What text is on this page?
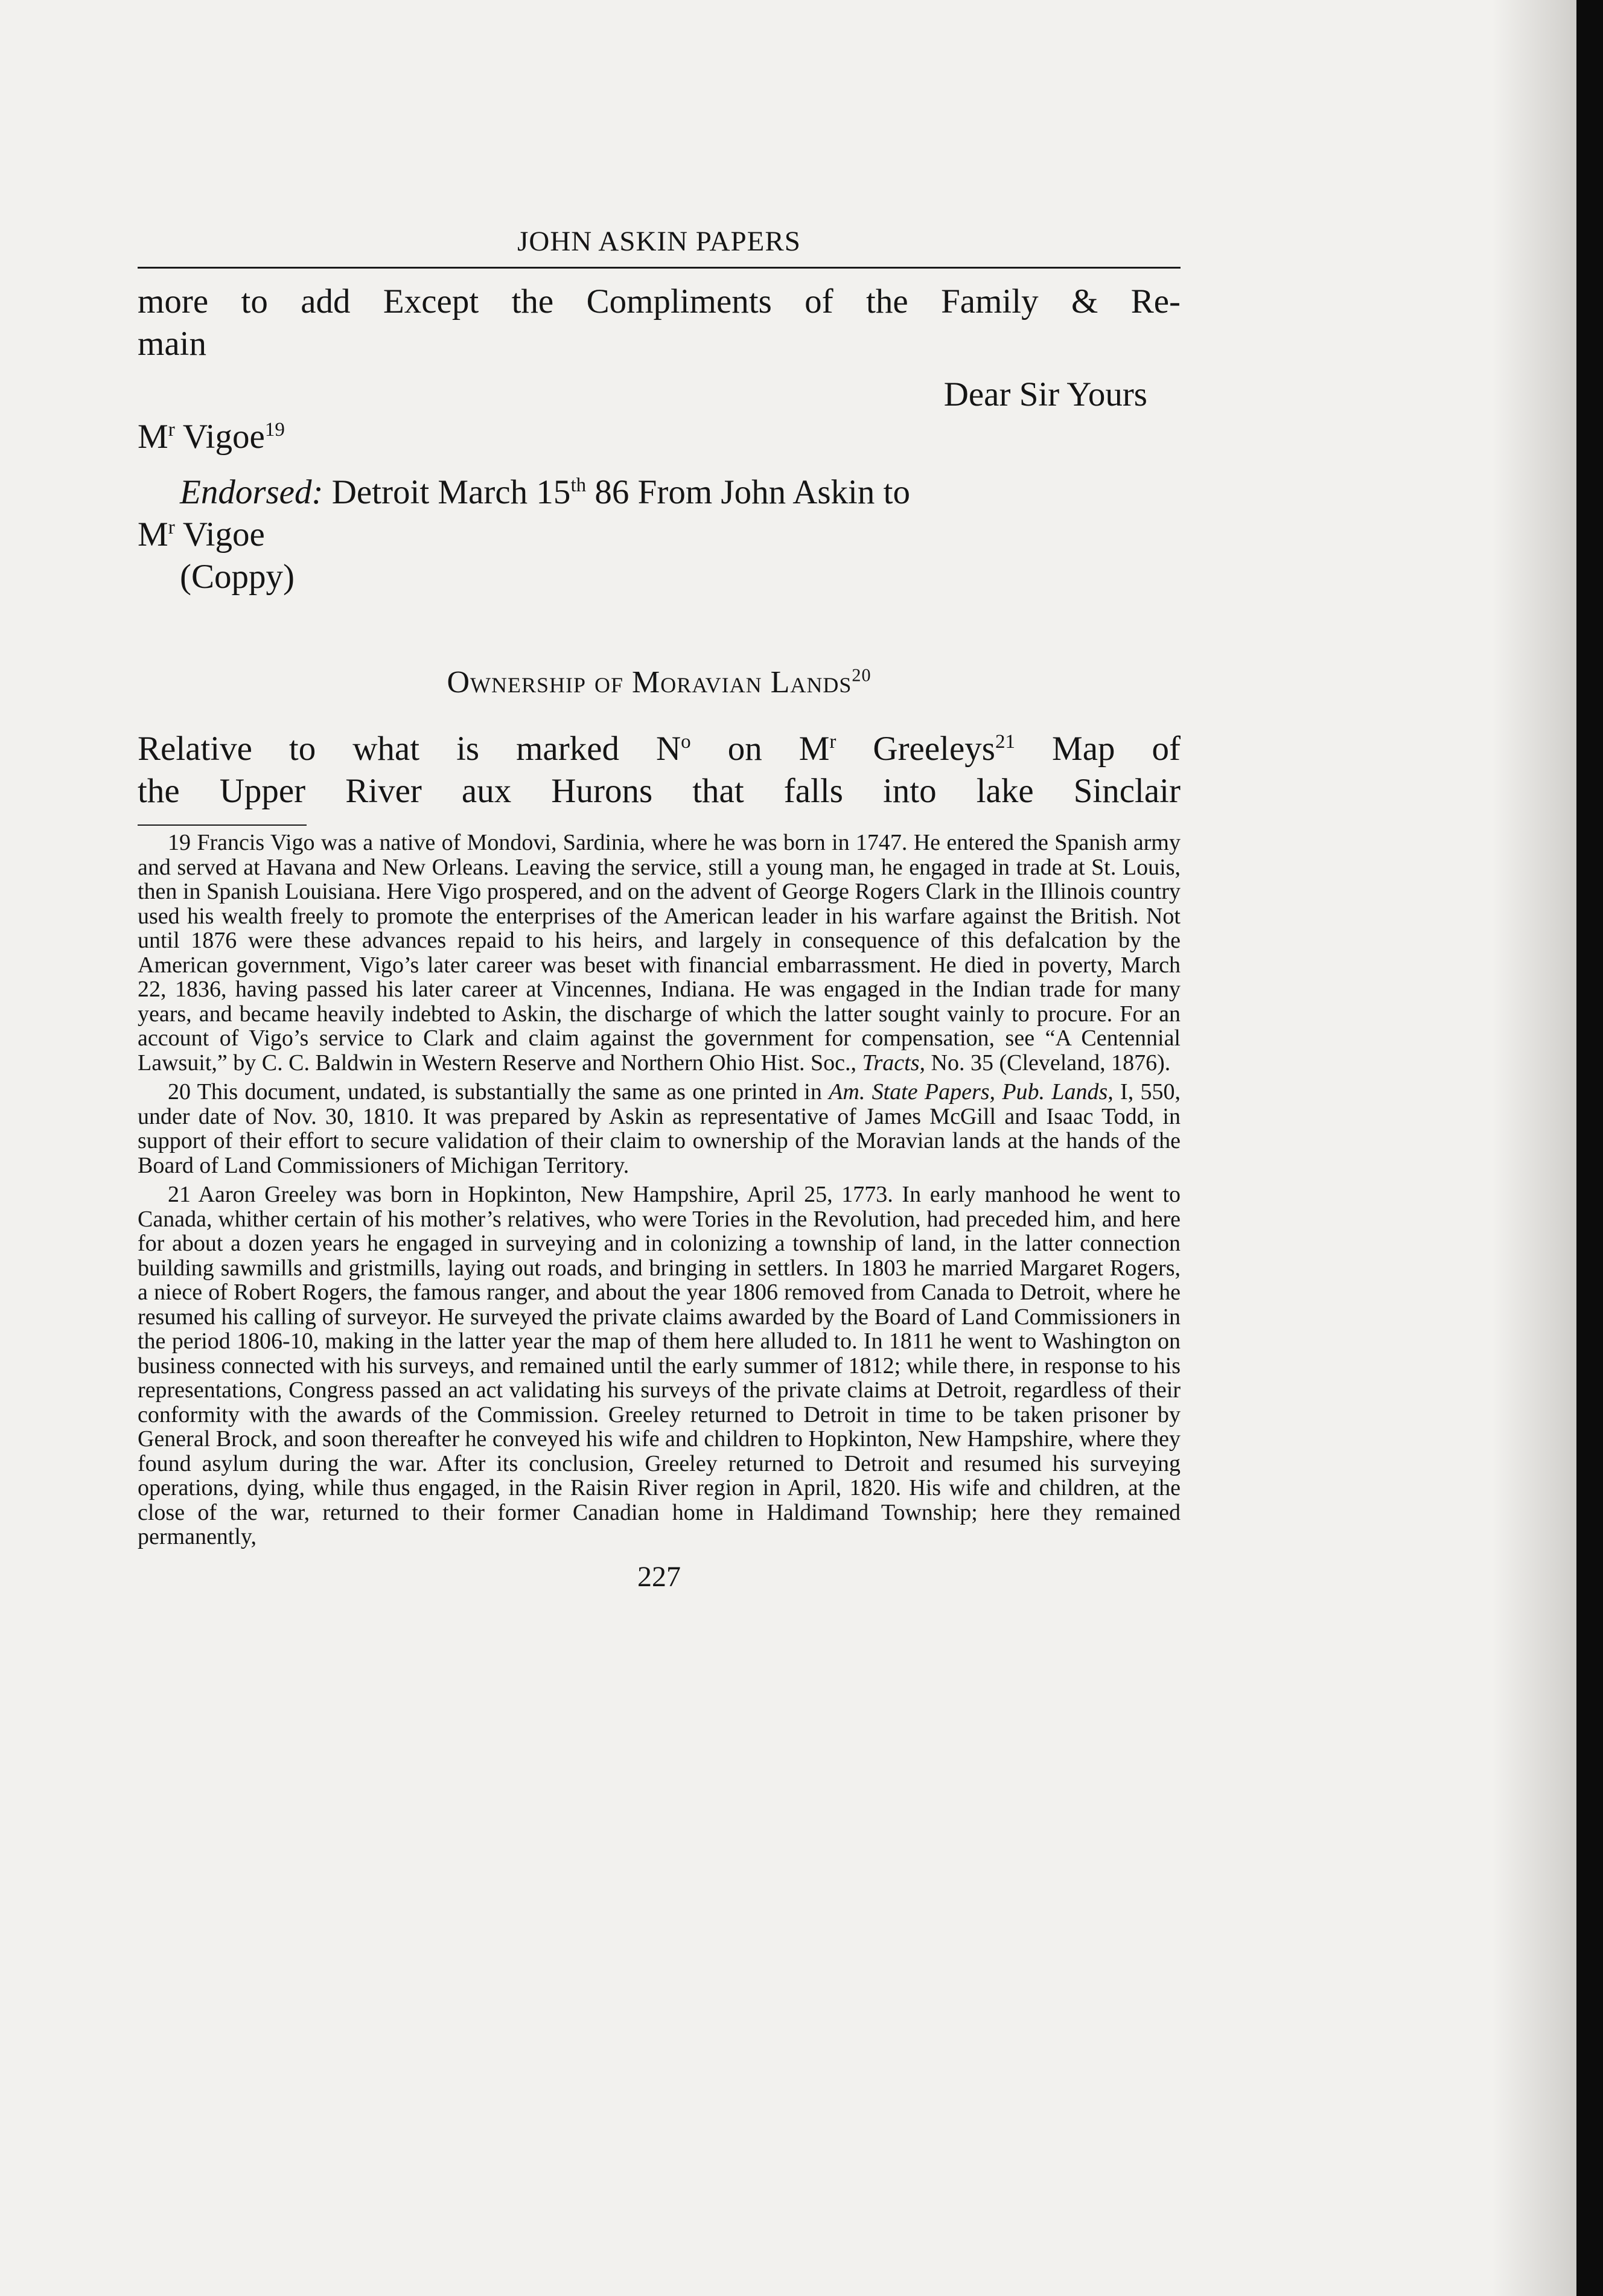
JOHN ASKIN PAPERS
more to add Except the Compliments of the Family & Re-
main
Dear Sir Yours
$M^r$ Vigoe$^{19}$
Endorsed: Detroit March 15th 86 From John Askin to
$M^r$ Vigoe
(Coppy)
Ownership of Moravian Lands$^{20}$
Relative to what is marked $N^o$ on $M^r$ Greeleys$^{21}$ Map of
the Upper River aux Hurons that falls into lake Sinclair

19 Francis Vigo was a native of Mondovi, Sardinia, where he was born in 1747. He entered the Spanish army and served at Havana and New Orleans. Leaving the service, still a young man, he engaged in trade at St. Louis, then in Spanish Louisiana. Here Vigo prospered, and on the advent of George Rogers Clark in the Illinois country used his wealth freely to promote the enterprises of the American leader in his warfare against the British. Not until 1876 were these advances repaid to his heirs, and largely in consequence of this defalcation by the American government, Vigo’s later career was beset with financial embarrassment. He died in poverty, March 22, 1836, having passed his later career at Vincennes, Indiana. He was engaged in the Indian trade for many years, and became heavily indebted to Askin, the discharge of which the latter sought vainly to procure. For an account of Vigo’s service to Clark and claim against the government for compensation, see “A Centennial Lawsuit,” by C. C. Baldwin in Western Reserve and Northern Ohio Hist. Soc., Tracts, No. 35 (Cleveland, 1876).

20 This document, undated, is substantially the same as one printed in Am. State Papers, Pub. Lands, I, 550, under date of Nov. 30, 1810. It was prepared by Askin as representative of James McGill and Isaac Todd, in support of their effort to secure validation of their claim to ownership of the Moravian lands at the hands of the Board of Land Commissioners of Michigan Territory.

21 Aaron Greeley was born in Hopkinton, New Hampshire, April 25, 1773. In early manhood he went to Canada, whither certain of his mother’s relatives, who were Tories in the Revolution, had preceded him, and here for about a dozen years he engaged in surveying and in colonizing a township of land, in the latter connection building sawmills and gristmills, laying out roads, and bringing in settlers. In 1803 he married Margaret Rogers, a niece of Robert Rogers, the famous ranger, and about the year 1806 removed from Canada to Detroit, where he resumed his calling of surveyor. He surveyed the private claims awarded by the Board of Land Commissioners in the period 1806-10, making in the latter year the map of them here alluded to. In 1811 he went to Washington on business connected with his surveys, and remained until the early summer of 1812; while there, in response to his representations, Congress passed an act validating his surveys of the private claims at Detroit, regardless of their conformity with the awards of the Commission. Greeley returned to Detroit in time to be taken prisoner by General Brock, and soon thereafter he conveyed his wife and children to Hopkinton, New Hampshire, where they found asylum during the war. After its conclusion, Greeley returned to Detroit and resumed his surveying operations, dying, while thus engaged, in the Raisin River region in April, 1820. His wife and children, at the close of the war, returned to their former Canadian home in Haldimand Township; here they remained permanently,

227
